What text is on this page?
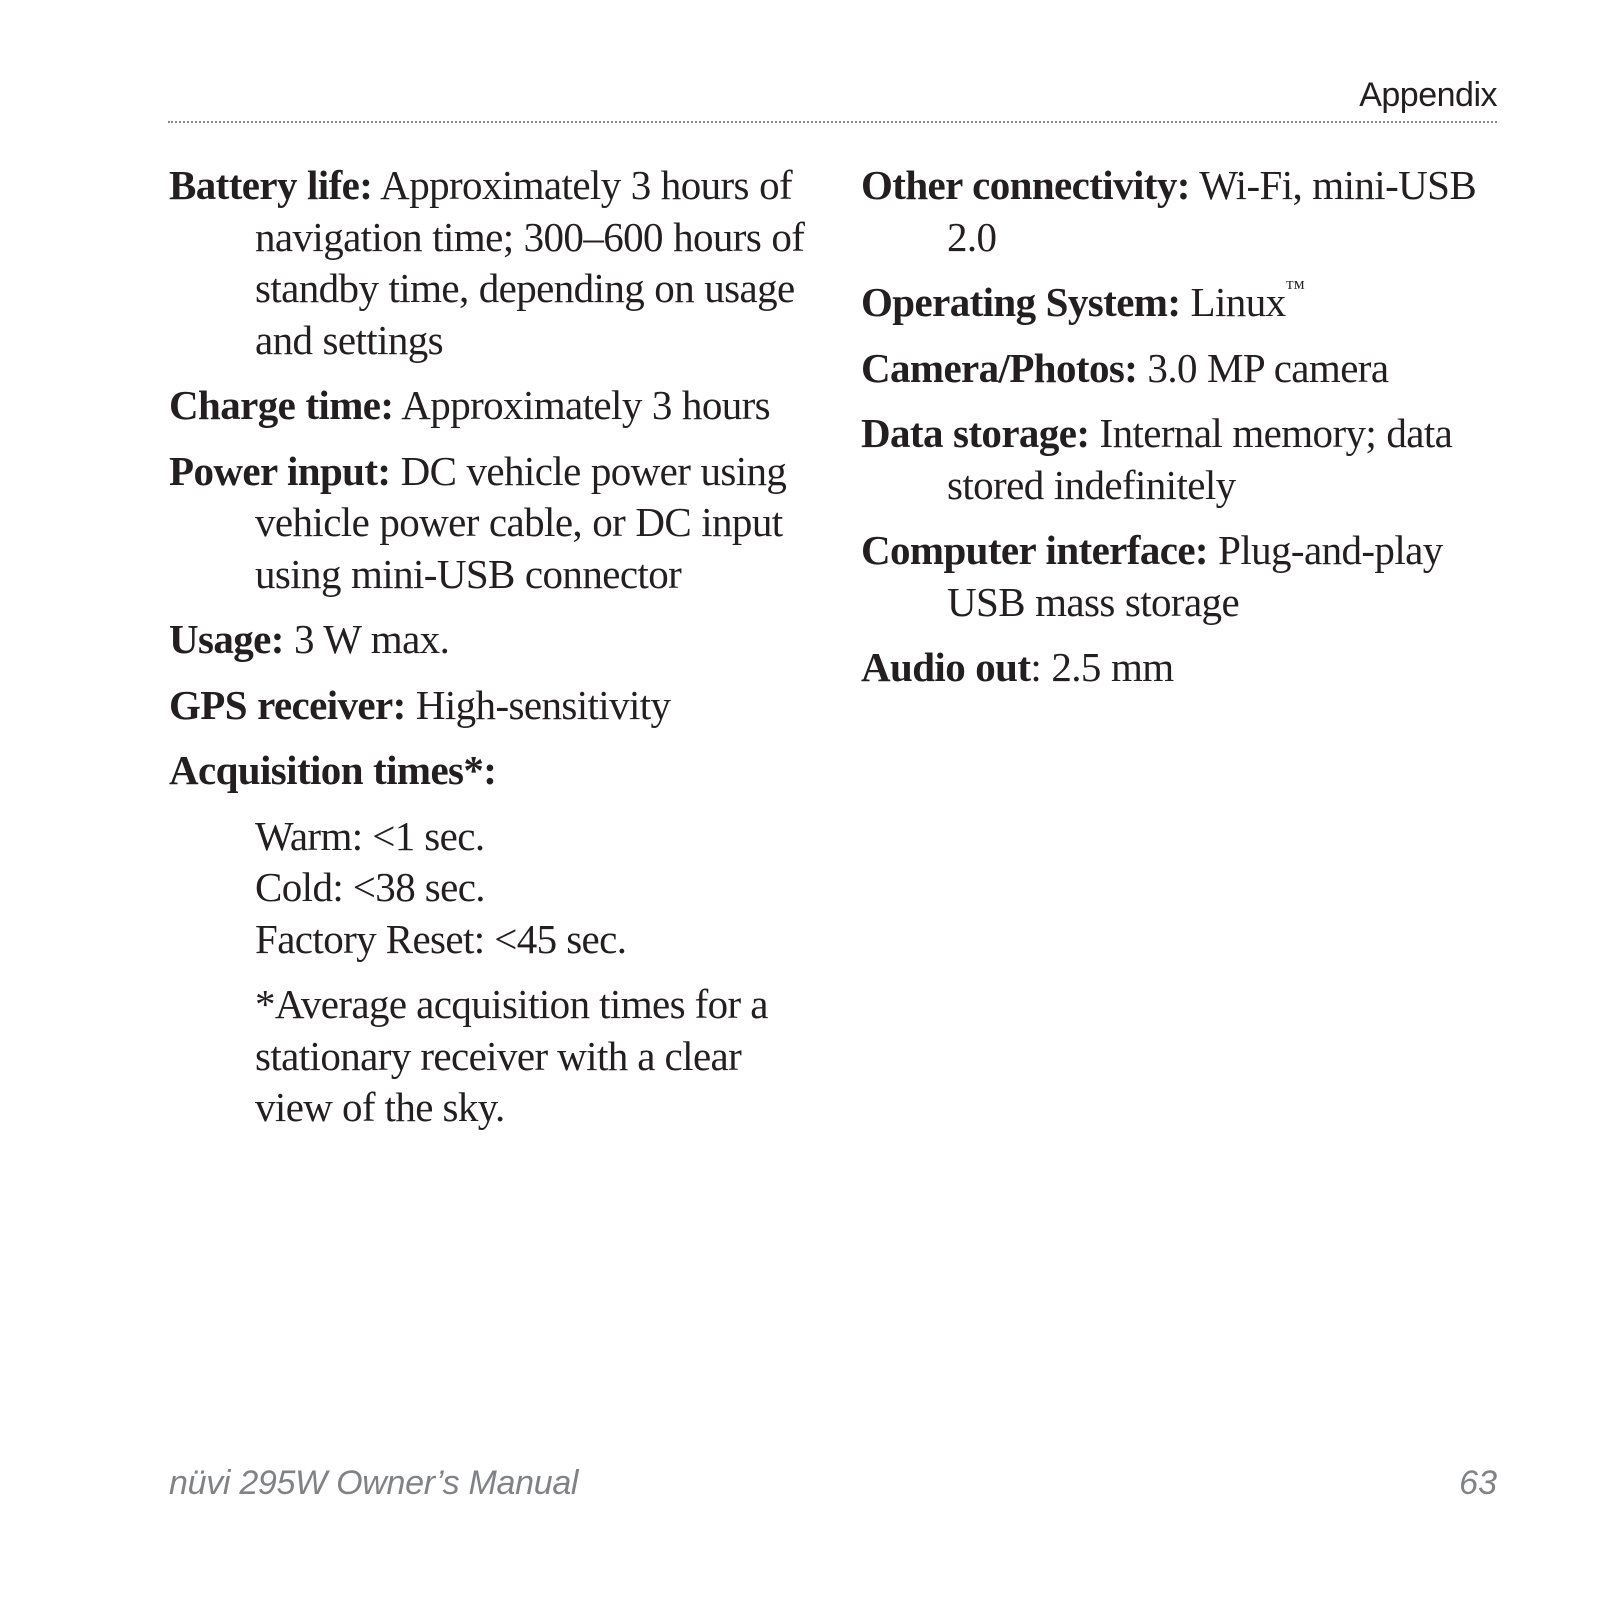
Appendix

Battery life: Approximately 3 hours of navigation time; 300–600 hours of standby time, depending on usage and settings

Charge time: Approximately 3 hours

Power input: DC vehicle power using vehicle power cable, or DC input using mini-USB connector

Usage: 3 W max.

GPS receiver: High-sensitivity

Acquisition times*:

Warm: <1 sec.
Cold: <38 sec.
Factory Reset: <45 sec.

*Average acquisition times for a stationary receiver with a clear view of the sky.

Other connectivity: Wi-Fi, mini-USB 2.0

Operating System: Linux™

Camera/Photos: 3.0 MP camera

Data storage: Internal memory; data stored indefinitely

Computer interface: Plug-and-play USB mass storage

Audio out: 2.5 mm

nüvi 295W Owner’s Manual	63
